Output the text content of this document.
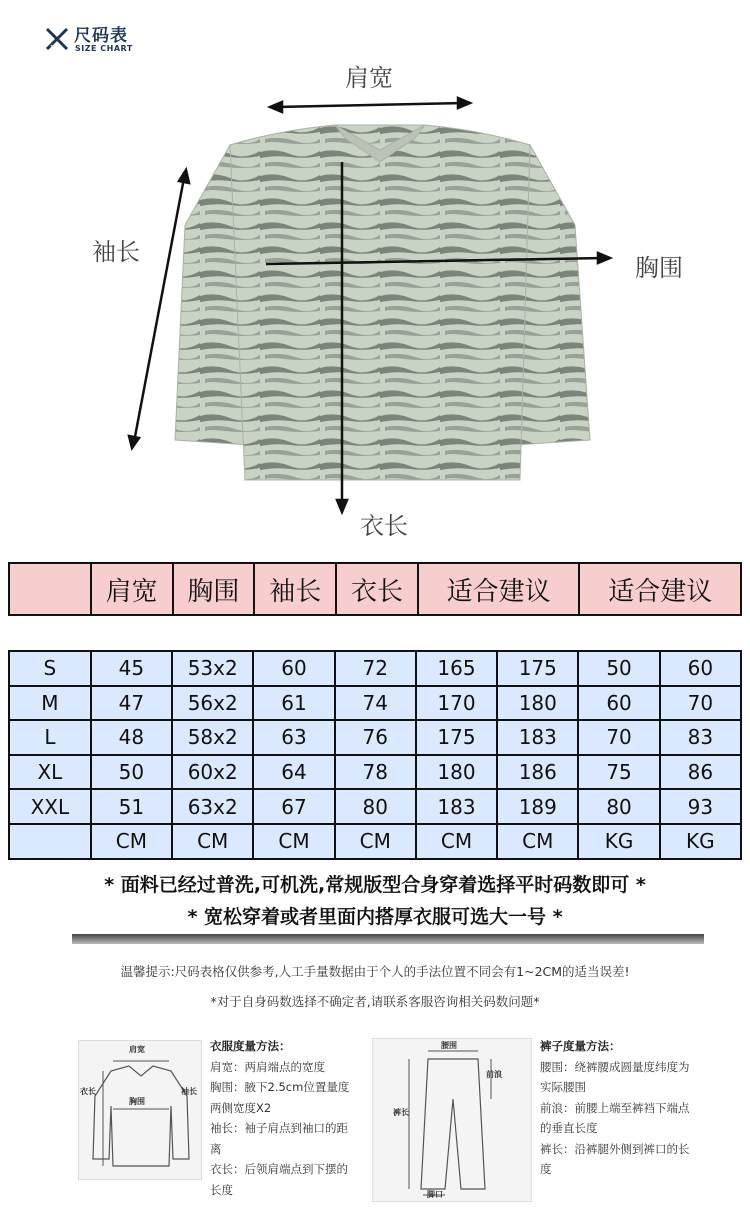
尺码表
SIZE CHART
肩宽
胸围
袖长
衣长
	肩宽	胸围	袖长	衣长	适合建议	适合建议
S	45	53x2	60	72	165	175	50	60
M	47	56x2	61	74	170	180	60	70
L	48	58x2	63	76	175	183	70	83
XL	50	60x2	64	78	180	186	75	86
XXL	51	63x2	67	80	183	189	80	93
	CM	CM	CM	CM	CM	CM	KG	KG
* 面料已经过普洗,可机洗,常规版型合身穿着选择平时码数即可 *
* 宽松穿着或者里面内搭厚衣服可选大一号 *
温馨提示:尺码表格仅供参考,人工手量数据由于个人的手法位置不同会有1~2CM的适当误差!
*对于自身码数选择不确定者,请联系客服咨询相关码数问题*
肩宽
衣长	袖长
胸围
衣服度量方法：
肩宽：两肩端点的宽度
胸围：腋下2.5cm位置量度
两侧宽度X2
袖长：袖子肩点到袖口的距
离
衣长：后领肩端点到下摆的
长度
腰围
裤长
前浪
脚口
裤子度量方法：
腰围：绕裤腰成圆量度纬度为
实际腰围
前浪：前腰上端至裤裆下端点
的垂直长度
裤长：沿裤腿外侧到裤口的长
度
